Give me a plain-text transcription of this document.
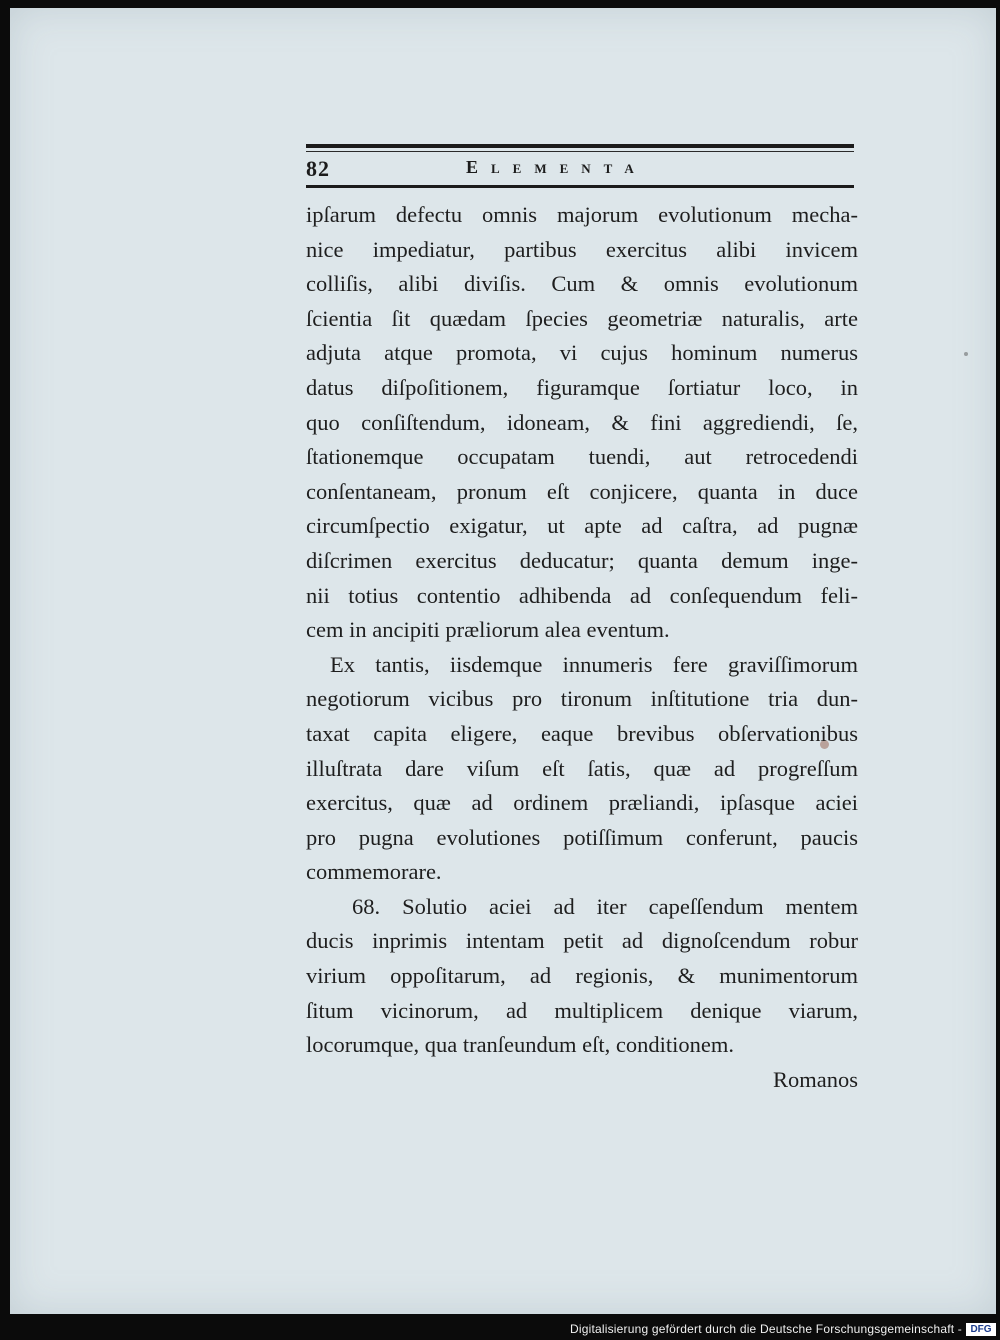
82	Elementa
ipſarum defectu omnis majorum evolutionum mecha-
nice impediatur, partibus exercitus alibi invicem
colliſis, alibi diviſis. Cum & omnis evolutionum
ſcientia ſit quædam ſpecies geometriæ naturalis, arte
adjuta atque promota, vi cujus hominum numerus
datus diſpoſitionem, figuramque ſortiatur loco, in
quo conſiſtendum, idoneam, & fini aggrediendi, ſe,
ſtationemque occupatam tuendi, aut retrocedendi
conſentaneam, pronum eſt conjicere, quanta in duce
circumſpectio exigatur, ut apte ad caſtra, ad pugnæ
diſcrimen exercitus deducatur; quanta demum inge-
nii totius contentio adhibenda ad conſequendum feli-
cem in ancipiti præliorum alea eventum.
Ex tantis, iisdemque innumeris fere graviſſimorum
negotiorum vicibus pro tironum inſtitutione tria dun-
taxat capita eligere, eaque brevibus obſervationibus
illuſtrata dare viſum eſt ſatis, quæ ad progreſſum
exercitus, quæ ad ordinem præliandi, ipſasque aciei
pro pugna evolutiones potiſſimum conferunt, paucis
commemorare.
68. Solutio aciei ad iter capeſſendum mentem
ducis inprimis intentam petit ad dignoſcendum robur
virium oppoſitarum, ad regionis, & munimentorum
ſitum vicinorum, ad multiplicem denique viarum,
locorumque, qua tranſeundum eſt, conditionem.
Romanos
Digitalisierung gefördert durch die Deutsche Forschungsgemeinschaft - DFG
